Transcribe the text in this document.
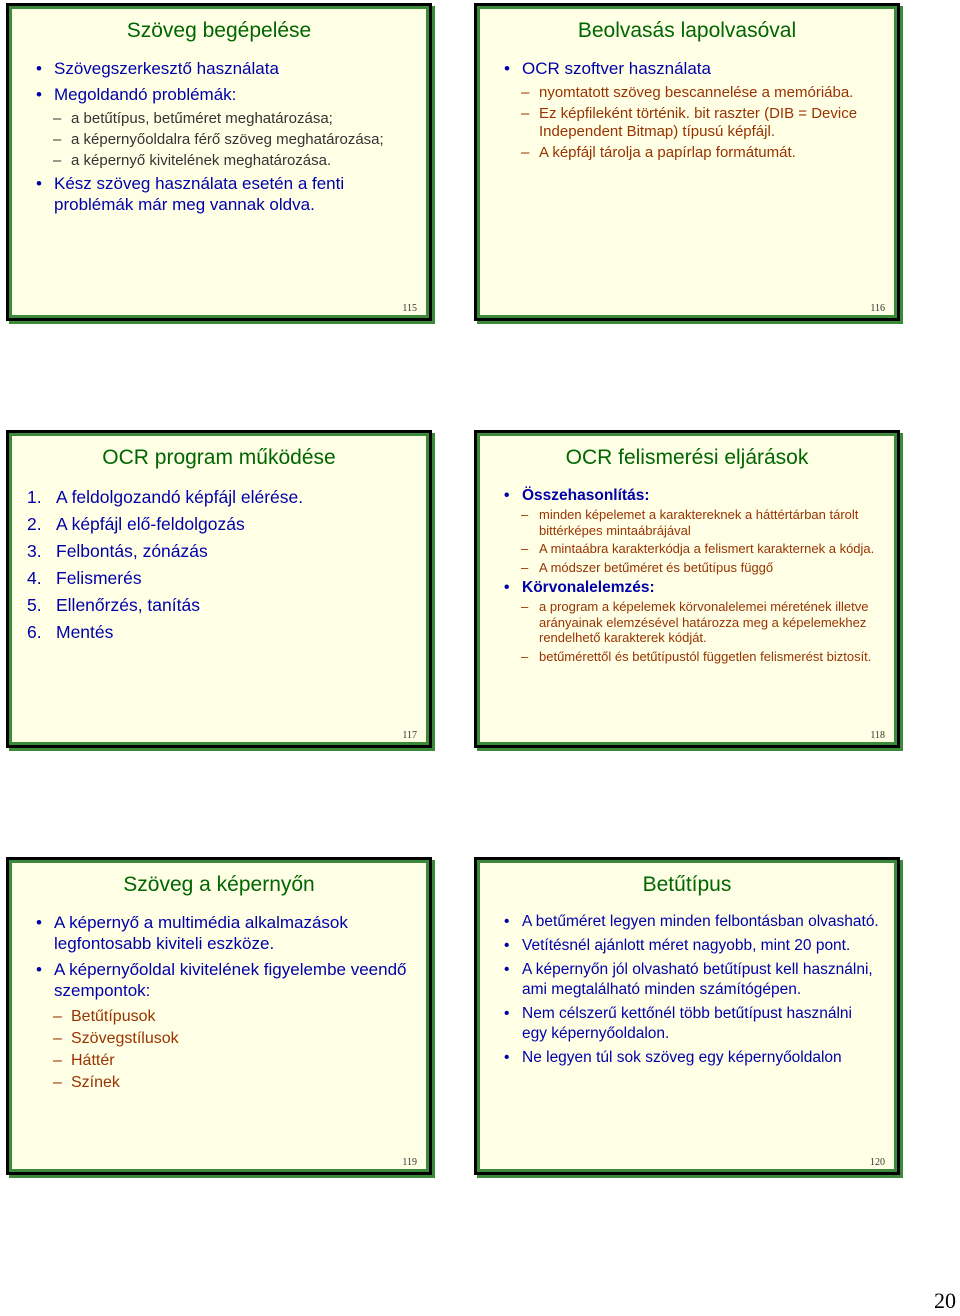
Szöveg begépelése
• Szövegszerkesztő használata
• Megoldandó problémák:
– a betűtípus, betűméret meghatározása;
– a képernyőoldalra férő szöveg meghatározása;
– a képernyő kivitelének meghatározása.
• Kész szöveg használata esetén a fenti problémák már meg vannak oldva.
115
Beolvasás lapolvasóval
• OCR szoftver használata
– nyomtatott szöveg bescannelése a memóriába.
– Ez képfileként történik. bit raszter (DIB = Device Independent Bitmap) típusú képfájl.
– A képfájl tárolja a papírlap formátumát.
116
OCR program működése
1. A feldolgozandó képfájl elérése.
2. A képfájl elő-feldolgozás
3. Felbontás, zónázás
4. Felismerés
5. Ellenőrzés, tanítás
6. Mentés
117
OCR felismerési eljárások
• Összehasonlítás:
– minden képelemet a karaktereknek a háttértárban tárolt bittérképes mintaábrájával
– A mintaábra karakterkódja a felismert karakternek a kódja.
– A módszer betűméret és betűtípus függő
• Körvonalelemzés:
– a program a képelemek körvonalelemei méretének illetve arányainak elemzésével határozza meg a képelemekhez rendelhető karakterek kódját.
– betűmérettől és betűtípustól független felismerést biztosít.
118
Szöveg a képernyőn
• A képernyő a multimédia alkalmazások legfontosabb kiviteli eszköze.
• A képernyőoldal kivitelének figyelembe veendő szempontok:
– Betűtípusok
– Szövegstílusok
– Háttér
– Színek
119
Betűtípus
• A betűméret legyen minden felbontásban olvasható.
• Vetítésnél ajánlott méret nagyobb, mint 20 pont.
• A képernyőn jól olvasható betűtípust kell használni, ami megtalálható minden számítógépen.
• Nem célszerű kettőnél több betűtípust használni egy képernyőoldalon.
• Ne legyen túl sok szöveg egy képernyőoldalon
120
20
